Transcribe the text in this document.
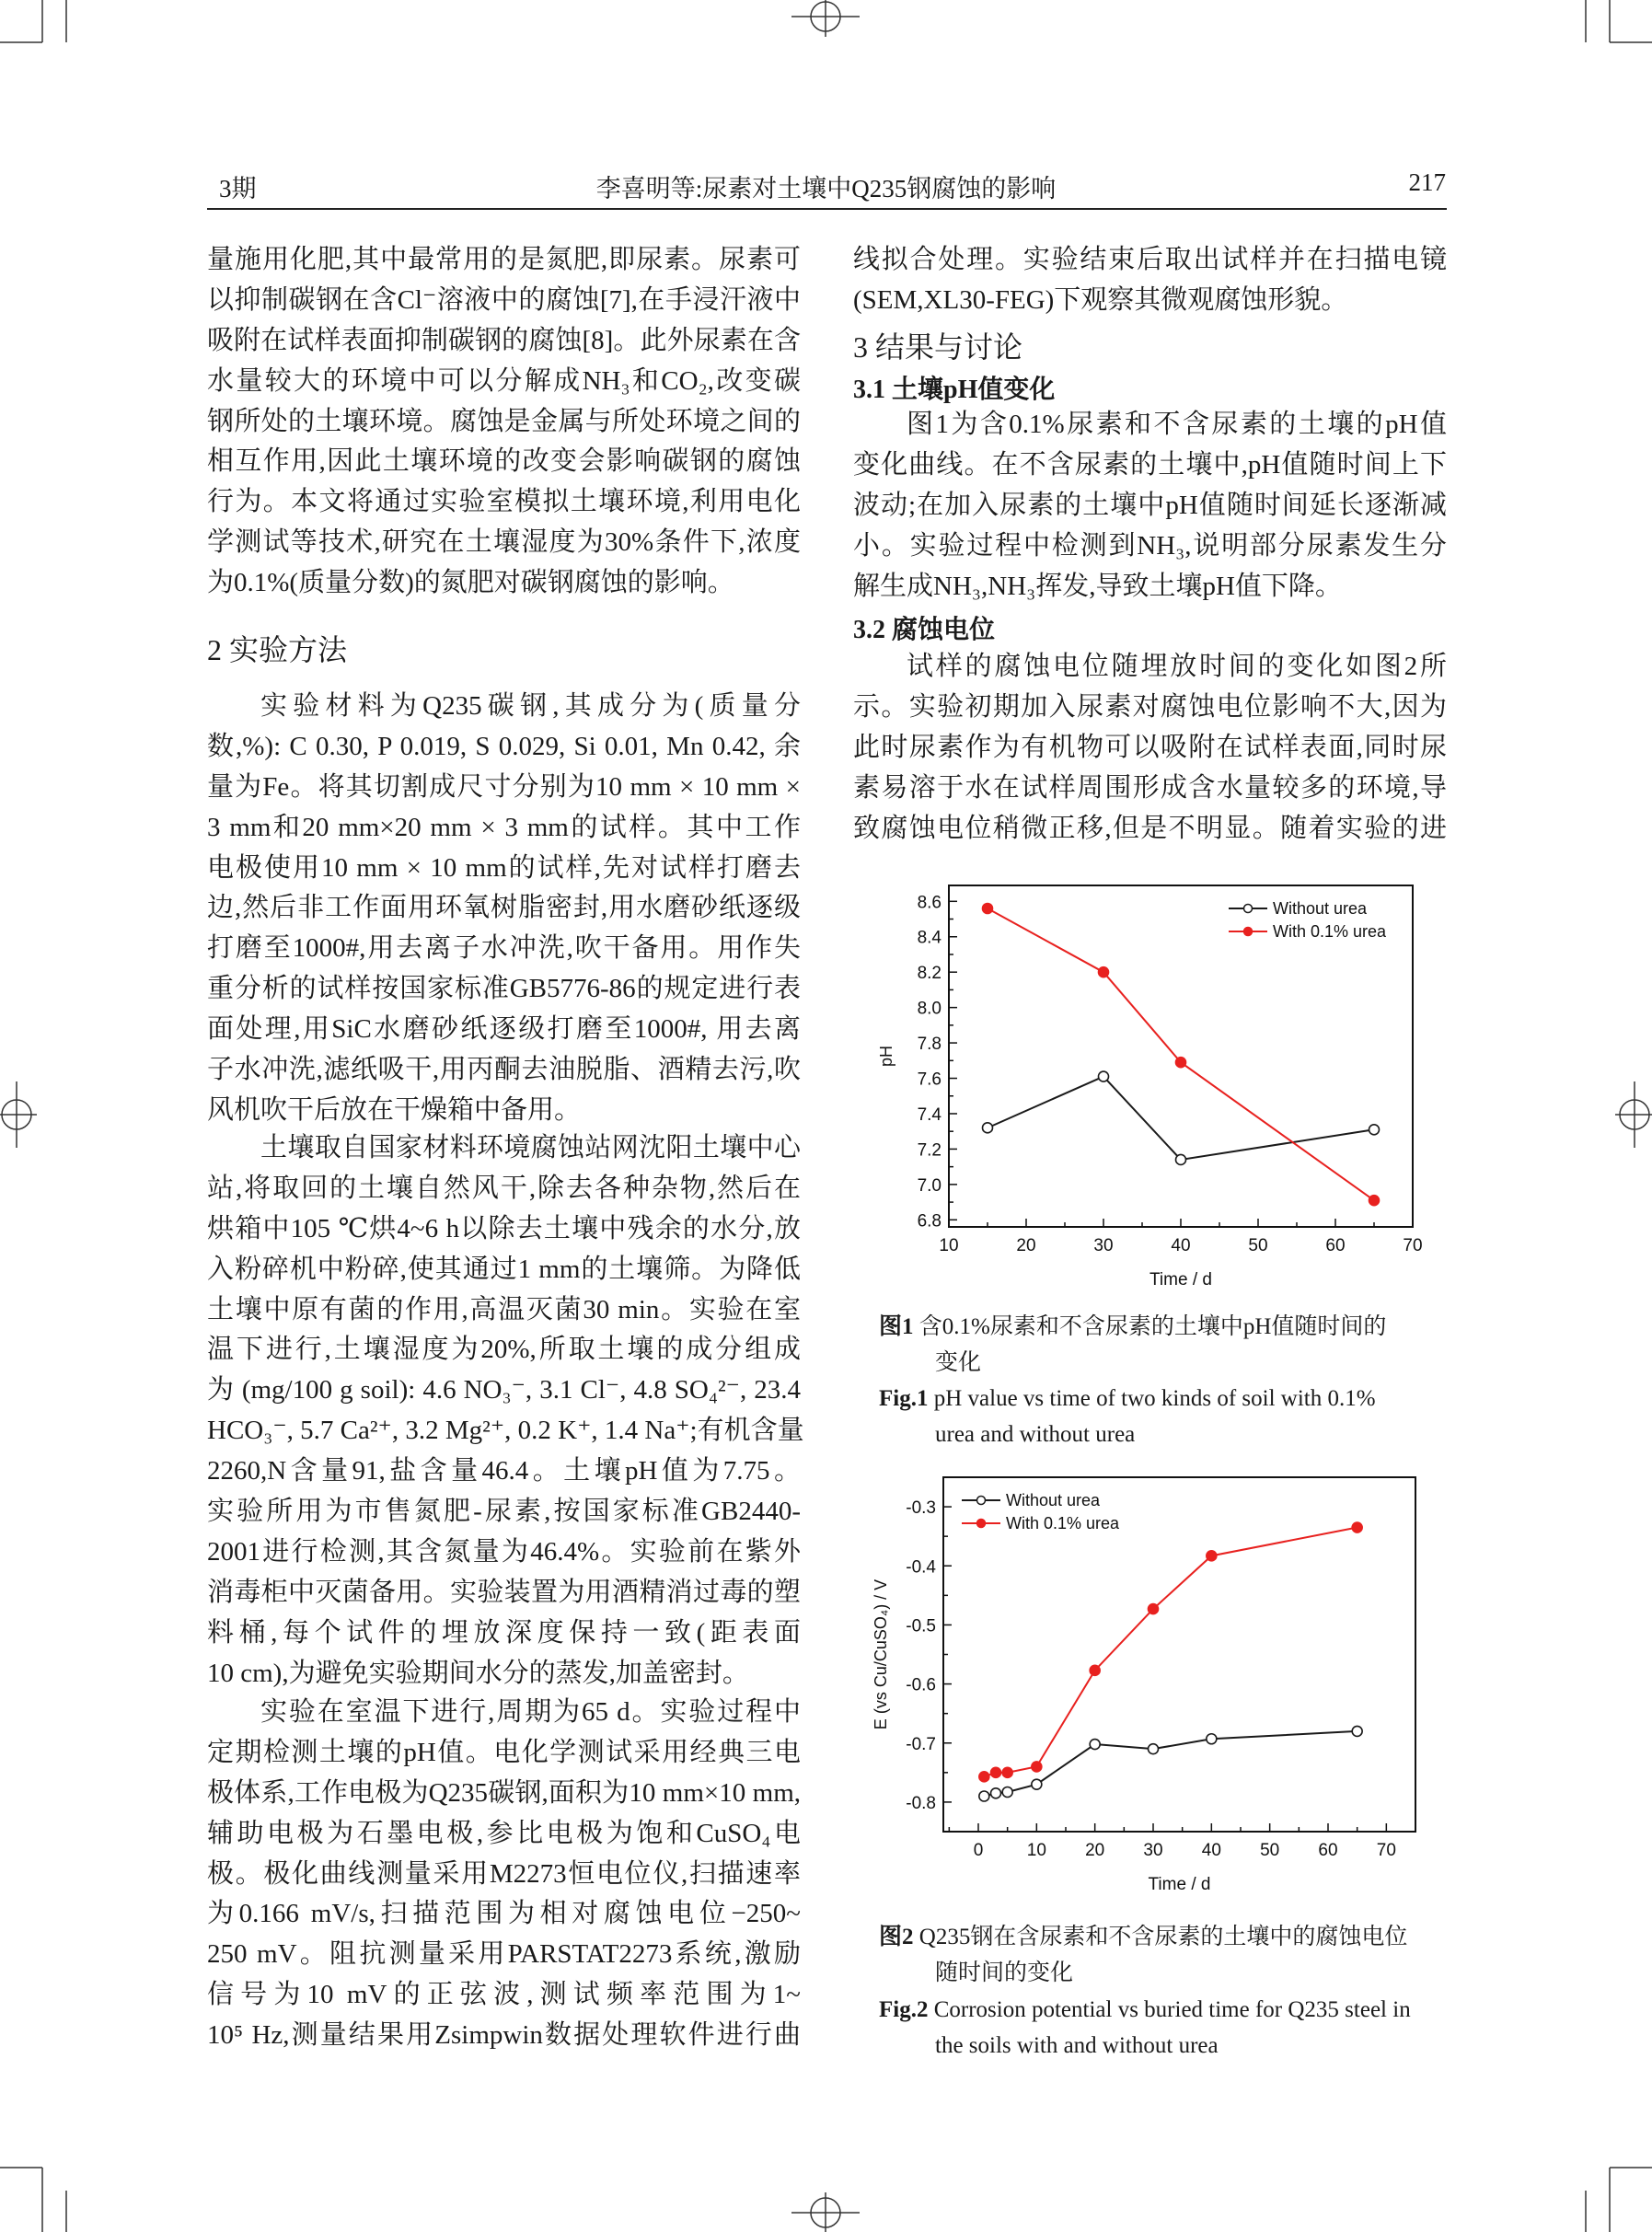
3期	李喜明等:尿素对土壤中Q235钢腐蚀的影响	217
量施用化肥,其中最常用的是氮肥,即尿素。尿素可
以抑制碳钢在含Cl⁻溶液中的腐蚀[7],在手浸汗液中
吸附在试样表面抑制碳钢的腐蚀[8]。此外尿素在含
水量较大的环境中可以分解成NH₃和CO₂,改变碳
钢所处的土壤环境。腐蚀是金属与所处环境之间的
相互作用,因此土壤环境的改变会影响碳钢的腐蚀
行为。本文将通过实验室模拟土壤环境,利用电化
学测试等技术,研究在土壤湿度为30%条件下,浓度
为0.1%(质量分数)的氮肥对碳钢腐蚀的影响。
2 实验方法
实验材料为Q235碳钢,其成分为(质量分
数,%): C 0.30, P 0.019, S 0.029, Si 0.01, Mn 0.42, 余
量为Fe。将其切割成尺寸分别为10 mm × 10 mm ×
3 mm和20 mm×20 mm × 3 mm的试样。其中工作
电极使用10 mm × 10 mm的试样,先对试样打磨去
边,然后非工作面用环氧树脂密封,用水磨砂纸逐级
打磨至1000#,用去离子水冲洗,吹干备用。用作失
重分析的试样按国家标准GB5776-86的规定进行表
面处理,用SiC水磨砂纸逐级打磨至1000#, 用去离
子水冲洗,滤纸吸干,用丙酮去油脱脂、酒精去污,吹
风机吹干后放在干燥箱中备用。
土壤取自国家材料环境腐蚀站网沈阳土壤中心
站,将取回的土壤自然风干,除去各种杂物,然后在
烘箱中105 ℃烘4~6 h以除去土壤中残余的水分,放
入粉碎机中粉碎,使其通过1 mm的土壤筛。为降低
土壤中原有菌的作用,高温灭菌30 min。实验在室
温下进行,土壤湿度为20%,所取土壤的成分组成
为 (mg/100 g soil): 4.6 NO₃⁻, 3.1 Cl⁻, 4.8 SO₄²⁻, 23.4
HCO₃⁻, 5.7 Ca²⁺, 3.2 Mg²⁺, 0.2 K⁺, 1.4 Na⁺;有机含量
2260,N含量91,盐含量46.4。土壤pH值为7.75。
实验所用为市售氮肥-尿素,按国家标准GB2440-
2001进行检测,其含氮量为46.4%。实验前在紫外
消毒柜中灭菌备用。实验装置为用酒精消过毒的塑
料桶,每个试件的埋放深度保持一致(距表面
10 cm),为避免实验期间水分的蒸发,加盖密封。
实验在室温下进行,周期为65 d。实验过程中
定期检测土壤的pH值。电化学测试采用经典三电
极体系,工作电极为Q235碳钢,面积为10 mm×10 mm,
辅助电极为石墨电极,参比电极为饱和CuSO₄电
极。极化曲线测量采用M2273恒电位仪,扫描速率
为0.166 mV/s,扫描范围为相对腐蚀电位−250~
250 mV。阻抗测量采用PARSTAT2273系统,激励
信号为10 mV的正弦波,测试频率范围为1~
10⁵ Hz,测量结果用Zsimpwin数据处理软件进行曲
线拟合处理。实验结束后取出试样并在扫描电镜
(SEM,XL30-FEG)下观察其微观腐蚀形貌。
3 结果与讨论
3.1 土壤pH值变化
图1为含0.1%尿素和不含尿素的土壤的pH值
变化曲线。在不含尿素的土壤中,pH值随时间上下
波动;在加入尿素的土壤中pH值随时间延长逐渐减
小。实验过程中检测到NH₃,说明部分尿素发生分
解生成NH₃,NH₃挥发,导致土壤pH值下降。
3.2 腐蚀电位
试样的腐蚀电位随埋放时间的变化如图2所
示。实验初期加入尿素对腐蚀电位影响不大,因为
此时尿素作为有机物可以吸附在试样表面,同时尿
素易溶于水在试样周围形成含水量较多的环境,导
致腐蚀电位稍微正移,但是不明显。随着实验的进
10	20	30	40	50	60	70
6.8
7.0
7.2
7.4
7.6
7.8
8.0
8.2
8.4
8.6
Time / d
pH
Without urea
With 0.1% urea
0 10 20 30 40 50 60 70
-0.8
-0.7
-0.6
-0.5
-0.4
-0.3
Time / d
E (vs Cu/CuSO₄) / V
Without urea
With 0.1% urea
图1 含0.1%尿素和不含尿素的土壤中pH值随时间的
变化
Fig.1 pH value vs time of two kinds of soil with 0.1%
urea and without urea
图2 Q235钢在含尿素和不含尿素的土壤中的腐蚀电位
随时间的变化
Fig.2 Corrosion potential vs buried time for Q235 steel in
the soils with and without urea
